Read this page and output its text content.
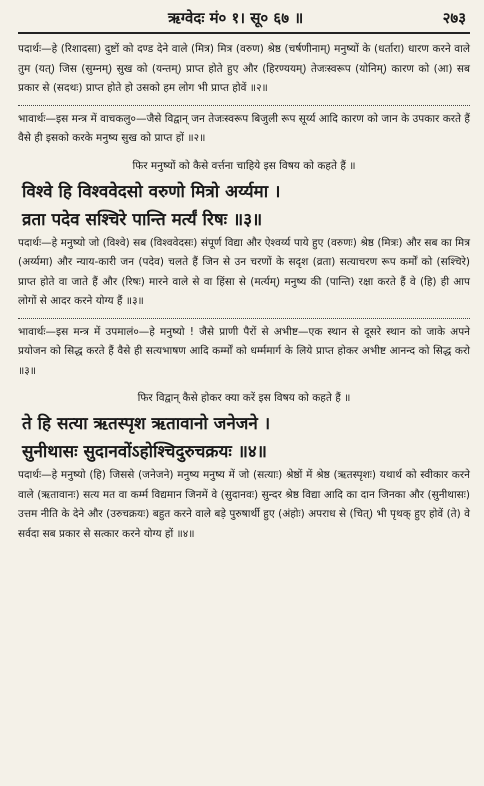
ऋग्वेदः मं० १। सू० ६७ ॥	२७३

पदार्थः—हे (रिशादसा) दुष्टों को दण्ड देने वाले (मित्र) मित्र (वरुण) श्रेष्ठ (चर्षणीनाम्) मनुष्यों के (धर्तारा) धारण करने वाले तुम (यत्) जिस (सुम्नम्) सुख को (यन्तम्) प्राप्त होते हुए और (हिरण्ययम्) तेजःस्वरूप (योनिम्) कारण को (आ) सब प्रकार से (सदथः) प्राप्त होते हो उसको हम लोग भी प्राप्त होवें ॥२॥

भावार्थः—इस मन्त्र में वाचकलु०—जैसे विद्वान् जन तेजःस्वरूप बिजुली रूप सूर्य्य आदि कारण को जान के उपकार करते हैं वैसे ही इसको करके मनुष्य सुख को प्राप्त हों ॥२॥

फिर मनुष्यों को कैसे वर्त्तना चाहिये इस विषय को कहते हैं ॥

विश्वे हि विश्ववेदसो वरुणो मित्रो अर्य्यमा ।

व्रता पदेव सश्चिरे पान्ति मर्त्यं रिषः ॥३॥

पदार्थः—हे मनुष्यो जो (विश्वे) सब (विश्ववेदसः) संपूर्ण विद्या और ऐश्वर्य्य पाये हुए (वरुणः) श्रेष्ठ (मित्रः) और सब का मित्र (अर्य्यमा) और न्याय-कारी जन (पदेव) चलते हैं जिन से उन चरणों के सदृश (व्रता) सत्याचरण रूप कर्मों को (सश्चिरे) प्राप्त होते वा जाते हैं और (रिषः) मारने वाले से वा हिंसा से (मर्त्यम्) मनुष्य की (पान्ति) रक्षा करते हैं वे (हि) ही आप लोगों से आदर करने योग्य हैं ॥३॥

भावार्थः—इस मन्त्र में उपमालं०—हे मनुष्यो ! जैसे प्राणी पैरों से अभीष्ट—एक स्थान से दूसरे स्थान को जाके अपने प्रयोजन को सिद्ध करते हैं वैसे ही सत्यभाषण आदि कर्म्मों को धर्म्ममार्ग के लिये प्राप्त होकर अभीष्ट आनन्द को सिद्ध करो ॥३॥

फिर विद्वान् कैसे होकर क्या करें इस विषय को कहते हैं ॥

ते हि सत्या ऋतस्पृश ऋतावानो जनेजने ।

सुनीथासः सुदानवोंऽहोश्चिदुरुचक्रयः ॥४॥

पदार्थः—हे मनुष्यो (हि) जिससे (जनेजने) मनुष्य मनुष्य में जो (सत्याः) श्रेष्ठों में श्रेष्ठ (ऋतस्पृशः) यथार्थ को स्वीकार करने वाले (ऋतावानः) सत्य मत वा कर्म्म विद्यमान जिनमें वे (सुदानवः) सुन्दर श्रेष्ठ विद्या आदि का दान जिनका और (सुनीथासः) उत्तम नीति के देने और (उरुचक्रयः) बहुत करने वाले बड़े पुरुषार्थी हुए (अंहोः) अपराध से (चित्) भी पृथक् हुए होवें (ते) वे सर्वदा सब प्रकार से सत्कार करने योग्य हों ॥४॥
